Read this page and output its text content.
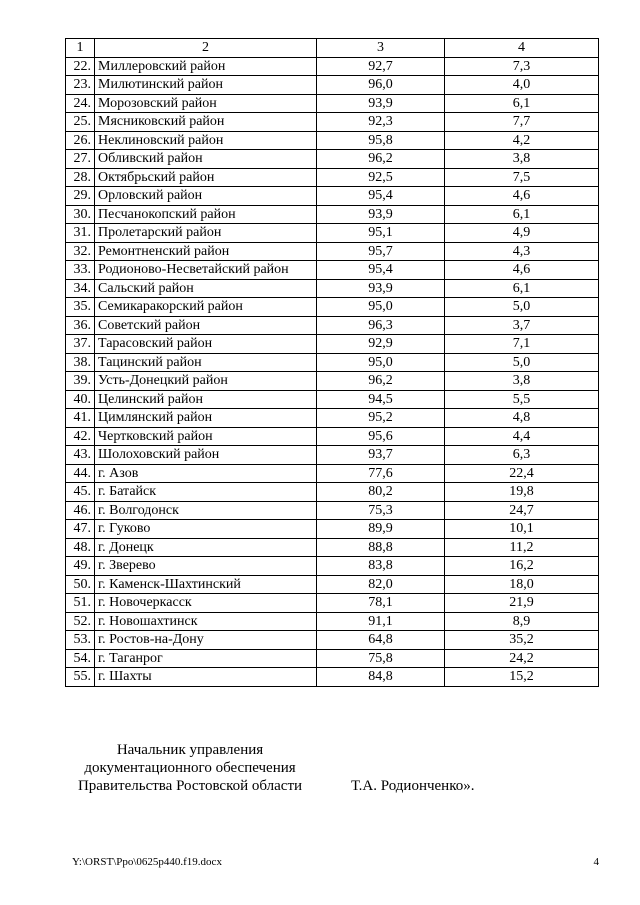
1	2	3	4
22.	Миллеровский район	92,7	7,3
23.	Милютинский район	96,0	4,0
24.	Морозовский район	93,9	6,1
25.	Мясниковский район	92,3	7,7
26.	Неклиновский район	95,8	4,2
27.	Обливский район	96,2	3,8
28.	Октябрьский район	92,5	7,5
29.	Орловский район	95,4	4,6
30.	Песчанокопский район	93,9	6,1
31.	Пролетарский район	95,1	4,9
32.	Ремонтненский район	95,7	4,3
33.	Родионово-Несветайский район	95,4	4,6
34.	Сальский район	93,9	6,1
35.	Семикаракорский район	95,0	5,0
36.	Советский район	96,3	3,7
37.	Тарасовский район	92,9	7,1
38.	Тацинский район	95,0	5,0
39.	Усть-Донецкий район	96,2	3,8
40.	Целинский район	94,5	5,5
41.	Цимлянский район	95,2	4,8
42.	Чертковский район	95,6	4,4
43.	Шолоховский район	93,7	6,3
44.	г. Азов	77,6	22,4
45.	г. Батайск	80,2	19,8
46.	г. Волгодонск	75,3	24,7
47.	г. Гуково	89,9	10,1
48.	г. Донецк	88,8	11,2
49.	г. Зверево	83,8	16,2
50.	г. Каменск-Шахтинский	82,0	18,0
51.	г. Новочеркасск	78,1	21,9
52.	г. Новошахтинск	91,1	8,9
53.	г. Ростов-на-Дону	64,8	35,2
54.	г. Таганрог	75,8	24,2
55.	г. Шахты	84,8	15,2
Начальник управления
документационного обеспечения
Правительства Ростовской области	Т.А. Родионченко».
Y:\ORST\Ppo\0625p440.f19.docx	4
